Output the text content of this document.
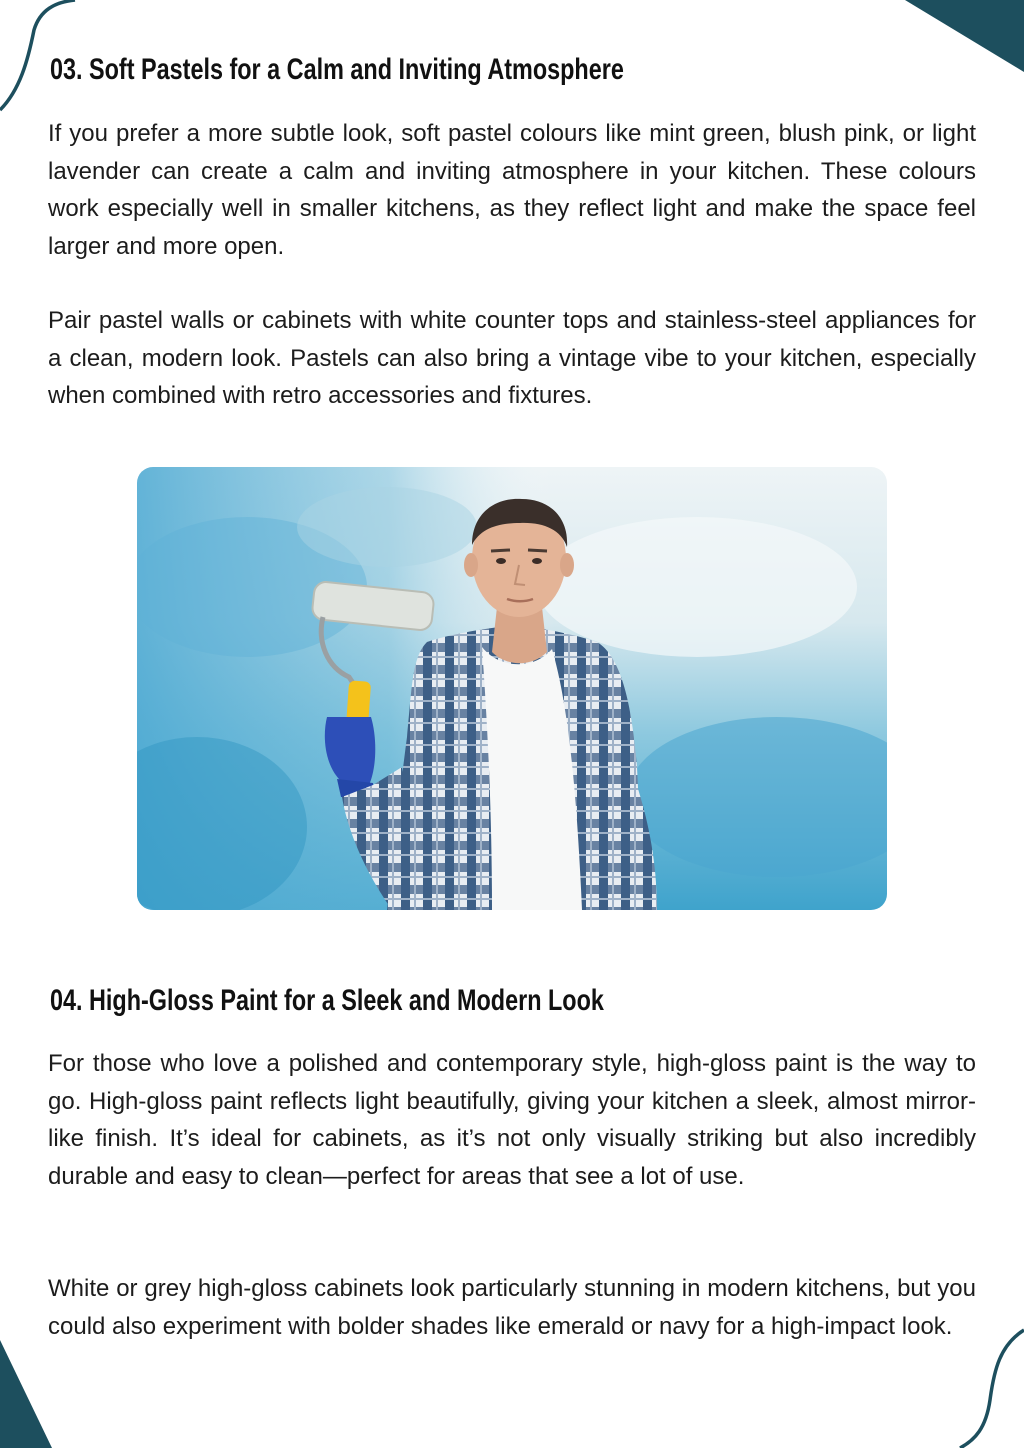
03. Soft Pastels for a Calm and Inviting Atmosphere

If you prefer a more subtle look, soft pastel colours like mint green, blush pink, or light lavender can create a calm and inviting atmosphere in your kitchen. These colours work especially well in smaller kitchens, as they reflect light and make the space feel larger and more open.

Pair pastel walls or cabinets with white counter tops and stainless-steel appliances for a clean, modern look. Pastels can also bring a vintage vibe to your kitchen, especially when combined with retro accessories and fixtures.

04. High-Gloss Paint for a Sleek and Modern Look

For those who love a polished and contemporary style, high-gloss paint is the way to go. High-gloss paint reflects light beautifully, giving your kitchen a sleek, almost mirror-like finish. It’s ideal for cabinets, as it’s not only visually striking but also incredibly durable and easy to clean—perfect for areas that see a lot of use.

White or grey high-gloss cabinets look particularly stunning in modern kitchens, but you could also experiment with bolder shades like emerald or navy for a high-impact look.
